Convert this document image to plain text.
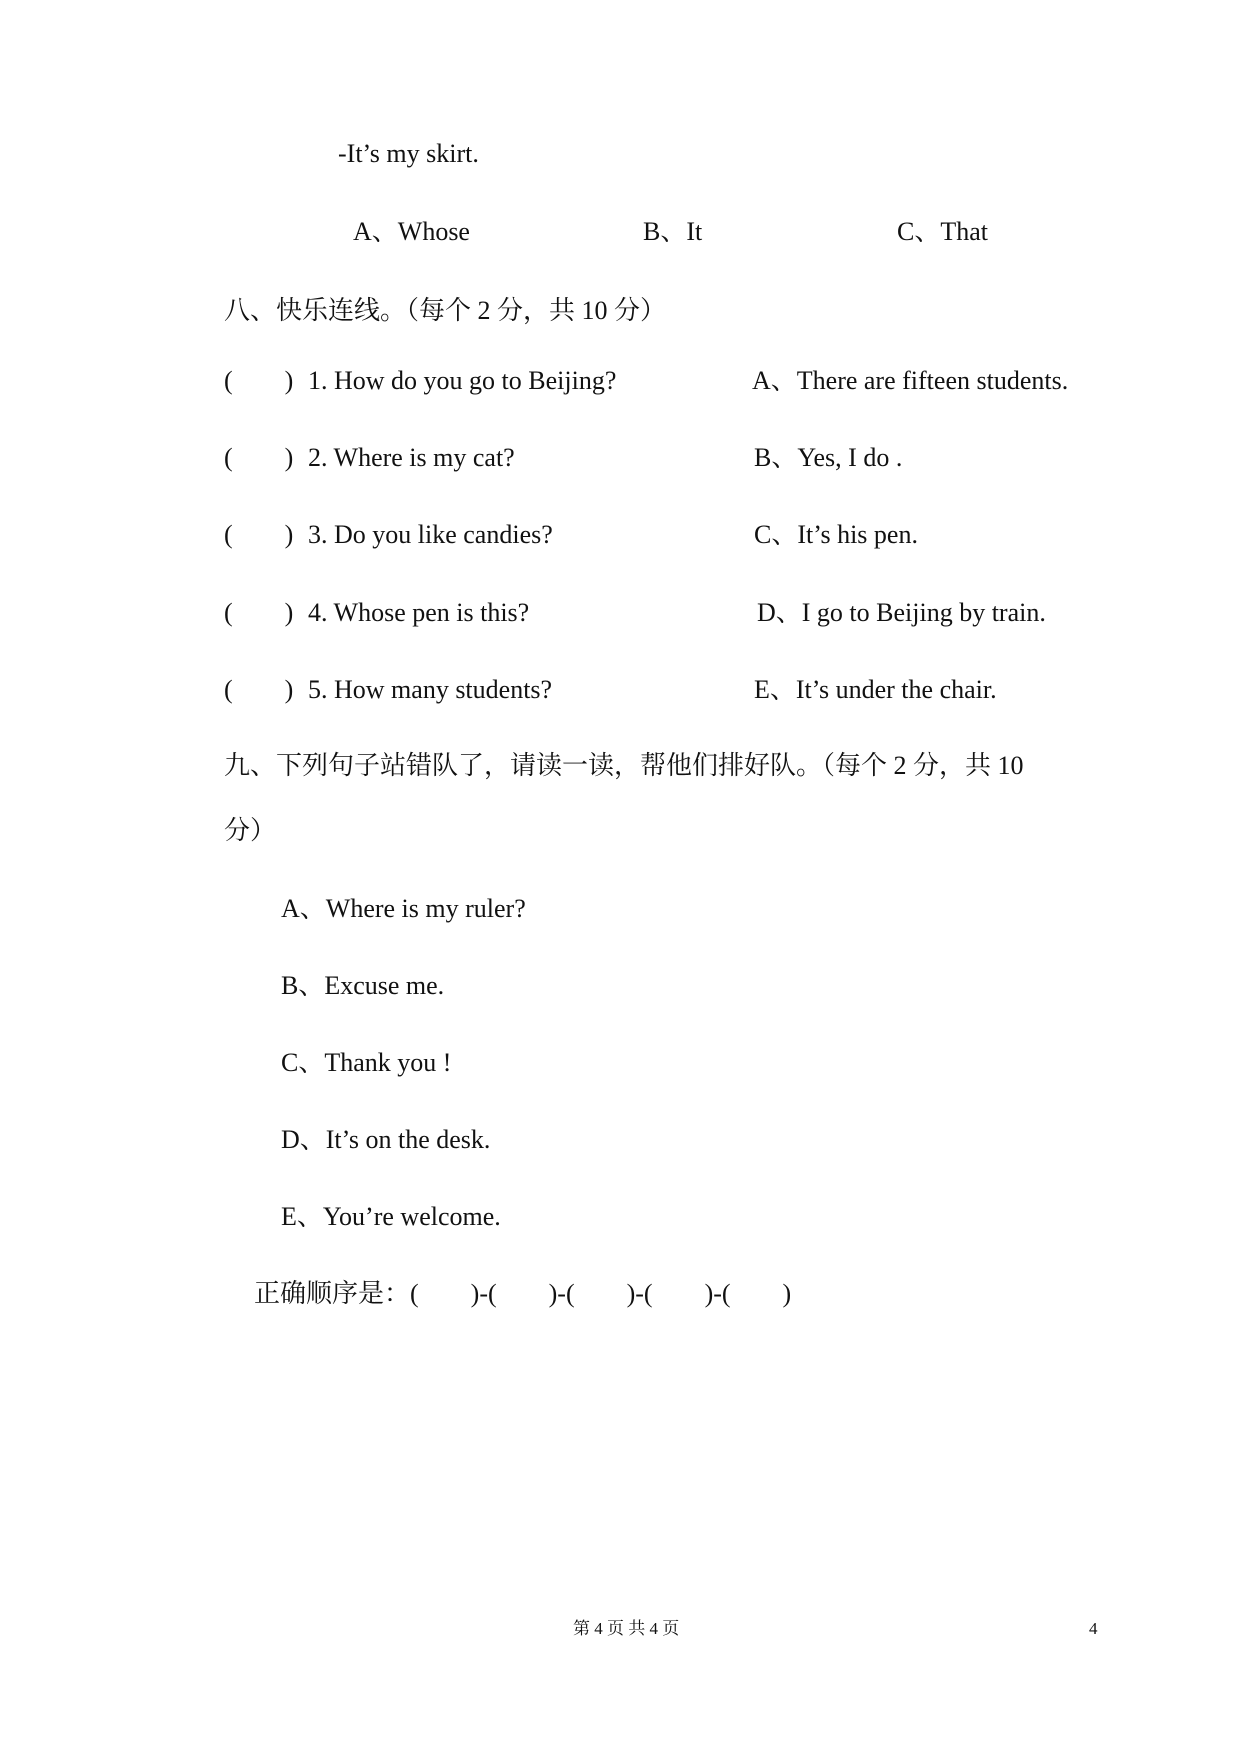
-It’s my skirt.
A、Whose	B、It	C、That
八、快乐连线。（每个 2 分，共 10 分）
(        ) 1. How do you go to Beijing?	A、There are fifteen students.
(        ) 2. Where is my cat?	B、Yes, I do .
(        ) 3. Do you like candies?	C、It’s his pen.
(        ) 4. Whose pen is this?	D、I go to Beijing by train.
(        ) 5. How many students?	E、It’s under the chair.
九、下列句子站错队了，请读一读，帮他们排好队。（每个 2 分，共 10
分）
A、Where is my ruler?
B、Excuse me.
C、Thank you !
D、It’s on the desk.
E、You’re welcome.
正确顺序是：(        )-(        )-(        )-(        )-(        )
第 4 页 共 4 页	4
